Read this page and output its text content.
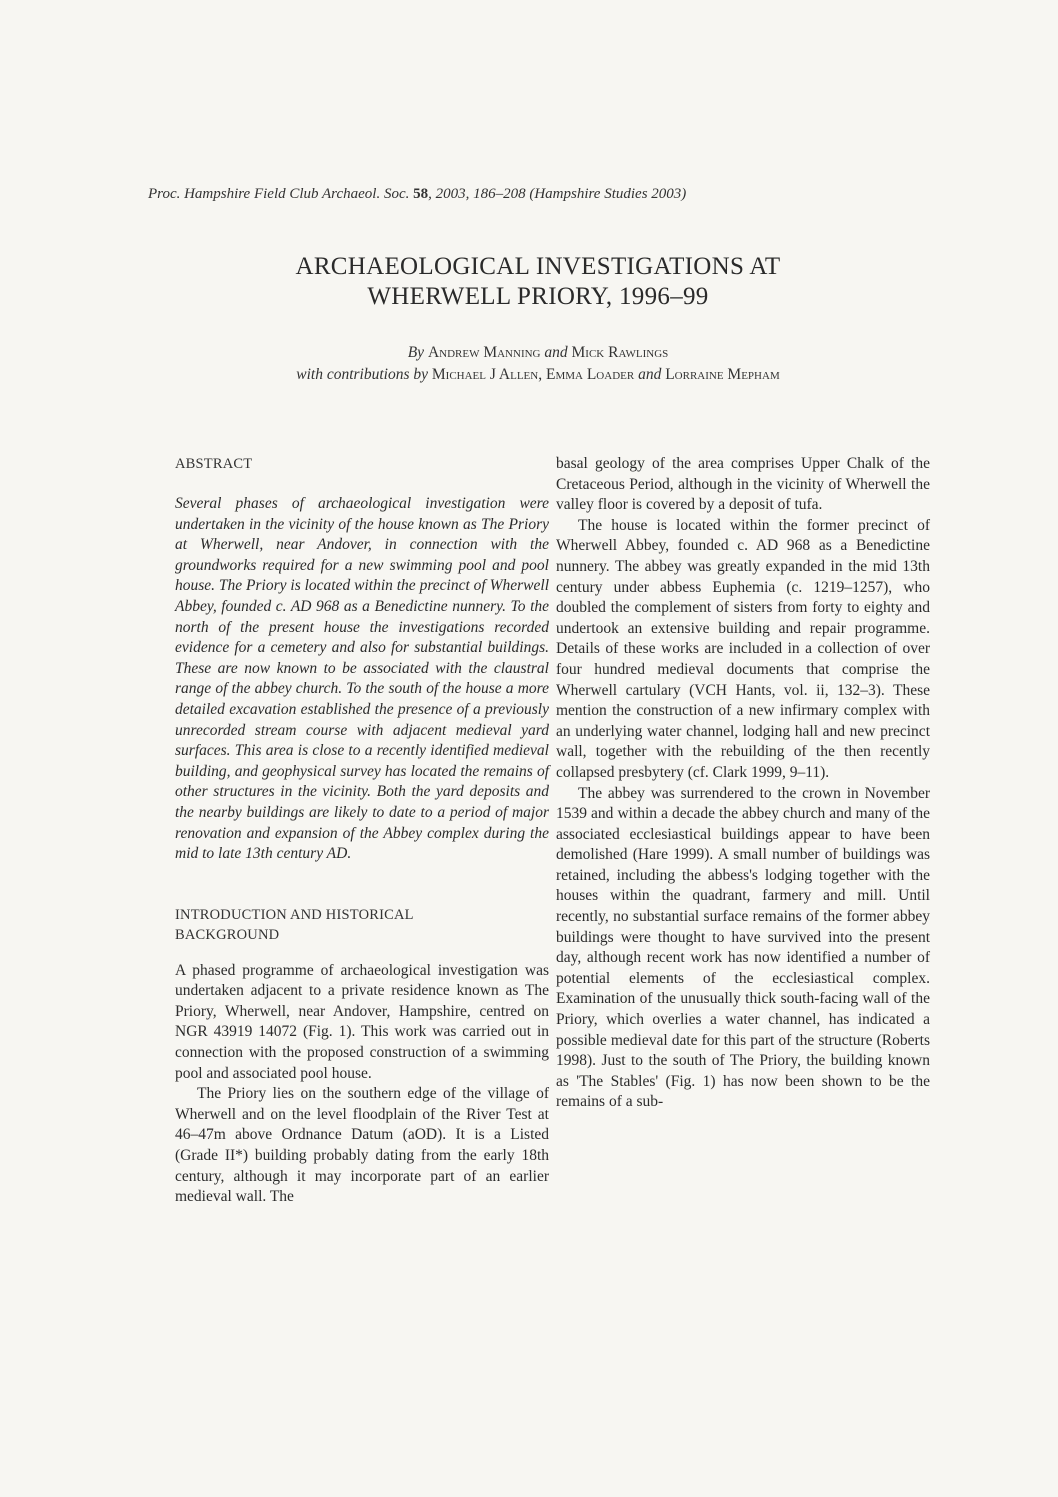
Proc. Hampshire Field Club Archaeol. Soc. 58, 2003, 186–208 (Hampshire Studies 2003)
ARCHAEOLOGICAL INVESTIGATIONS AT
WHERWELL PRIORY, 1996–99
By Andrew Manning and Mick Rawlings
with contributions by Michael J Allen, Emma Loader and Lorraine Mepham
ABSTRACT

Several phases of archaeological investigation were undertaken in the vicinity of the house known as The Priory at Wherwell, near Andover, in connection with the groundworks required for a new swimming pool and pool house. The Priory is located within the precinct of Wherwell Abbey, founded c. AD 968 as a Benedictine nunnery. To the north of the present house the investigations recorded evidence for a cemetery and also for substantial buildings. These are now known to be associated with the claustral range of the abbey church. To the south of the house a more detailed excavation established the presence of a previously unrecorded stream course with adjacent medieval yard surfaces. This area is close to a recently identified medieval building, and geophysical survey has located the remains of other structures in the vicinity. Both the yard deposits and the nearby buildings are likely to date to a period of major renovation and expansion of the Abbey complex during the mid to late 13th century AD.

INTRODUCTION AND HISTORICAL
BACKGROUND

A phased programme of archaeological investigation was undertaken adjacent to a private residence known as The Priory, Wherwell, near Andover, Hampshire, centred on NGR 43919 14072 (Fig. 1). This work was carried out in connection with the proposed construction of a swimming pool and associated pool house.

The Priory lies on the southern edge of the village of Wherwell and on the level floodplain of the River Test at 46–47m above Ordnance Datum (aOD). It is a Listed (Grade II*) building probably dating from the early 18th century, although it may incorporate part of an earlier medieval wall. The

basal geology of the area comprises Upper Chalk of the Cretaceous Period, although in the vicinity of Wherwell the valley floor is covered by a deposit of tufa.

The house is located within the former precinct of Wherwell Abbey, founded c. AD 968 as a Benedictine nunnery. The abbey was greatly expanded in the mid 13th century under abbess Euphemia (c. 1219–1257), who doubled the complement of sisters from forty to eighty and undertook an extensive building and repair programme. Details of these works are included in a collection of over four hundred medieval documents that comprise the Wherwell cartulary (VCH Hants, vol. ii, 132–3). These mention the construction of a new infirmary complex with an underlying water channel, lodging hall and new precinct wall, together with the rebuilding of the then recently collapsed presbytery (cf. Clark 1999, 9–11).

The abbey was surrendered to the crown in November 1539 and within a decade the abbey church and many of the associated ecclesiastical buildings appear to have been demolished (Hare 1999). A small number of buildings was retained, including the abbess's lodging together with the houses within the quadrant, farmery and mill. Until recently, no substantial surface remains of the former abbey buildings were thought to have survived into the present day, although recent work has now identified a number of potential elements of the ecclesiastical complex. Examination of the unusually thick south-facing wall of the Priory, which overlies a water channel, has indicated a possible medieval date for this part of the structure (Roberts 1998). Just to the south of The Priory, the building known as 'The Stables' (Fig. 1) has now been shown to be the remains of a sub-
